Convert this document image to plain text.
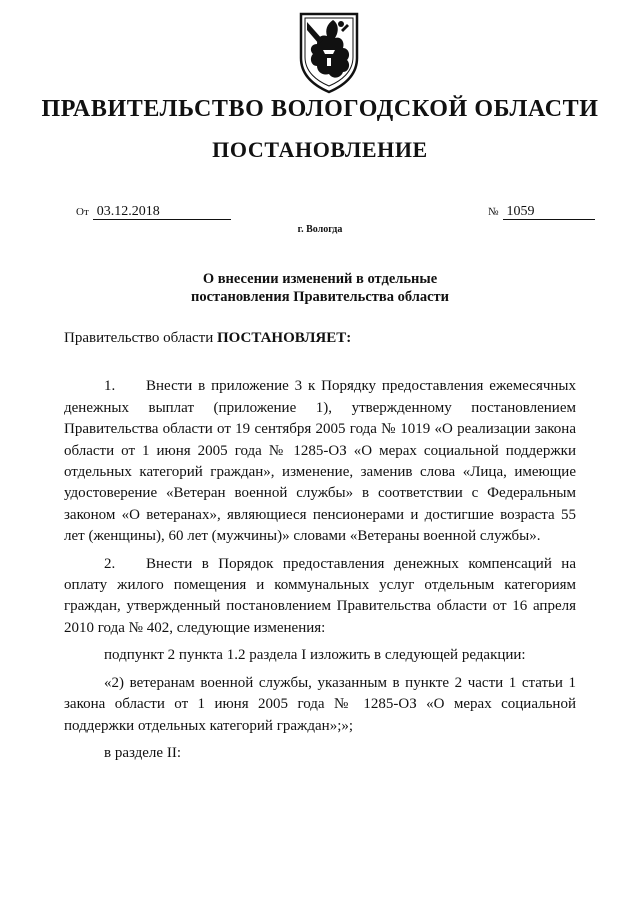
ПРАВИТЕЛЬСТВО ВОЛОГОДСКОЙ ОБЛАСТИ
ПОСТАНОВЛЕНИЕ
От 03.12.2018	№ 1059
г. Вологда
О внесении изменений в отдельные
постановления Правительства области

Правительство области ПОСТАНОВЛЯЕТ:

1. Внести в приложение 3 к Порядку предоставления ежемесячных денежных выплат (приложение 1), утвержденному постановлением Правительства области от 19 сентября 2005 года № 1019 «О реализации закона области от 1 июня 2005 года № 1285-ОЗ «О мерах социальной поддержки отдельных категорий граждан», изменение, заменив слова «Лица, имеющие удостоверение «Ветеран военной службы» в соответствии с Федеральным законом «О ветеранах», являющиеся пенсионерами и достигшие возраста 55 лет (женщины), 60 лет (мужчины)» словами «Ветераны военной службы».

2. Внести в Порядок предоставления денежных компенсаций на оплату жилого помещения и коммунальных услуг отдельным категориям граждан, утвержденный постановлением Правительства области от 16 апреля 2010 года № 402, следующие изменения:

подпункт 2 пункта 1.2 раздела I изложить в следующей редакции:

«2) ветеранам военной службы, указанным в пункте 2 части 1 статьи 1 закона области от 1 июня 2005 года № 1285-ОЗ «О мерах социальной поддержки отдельных категорий граждан»;»;

в разделе II:
